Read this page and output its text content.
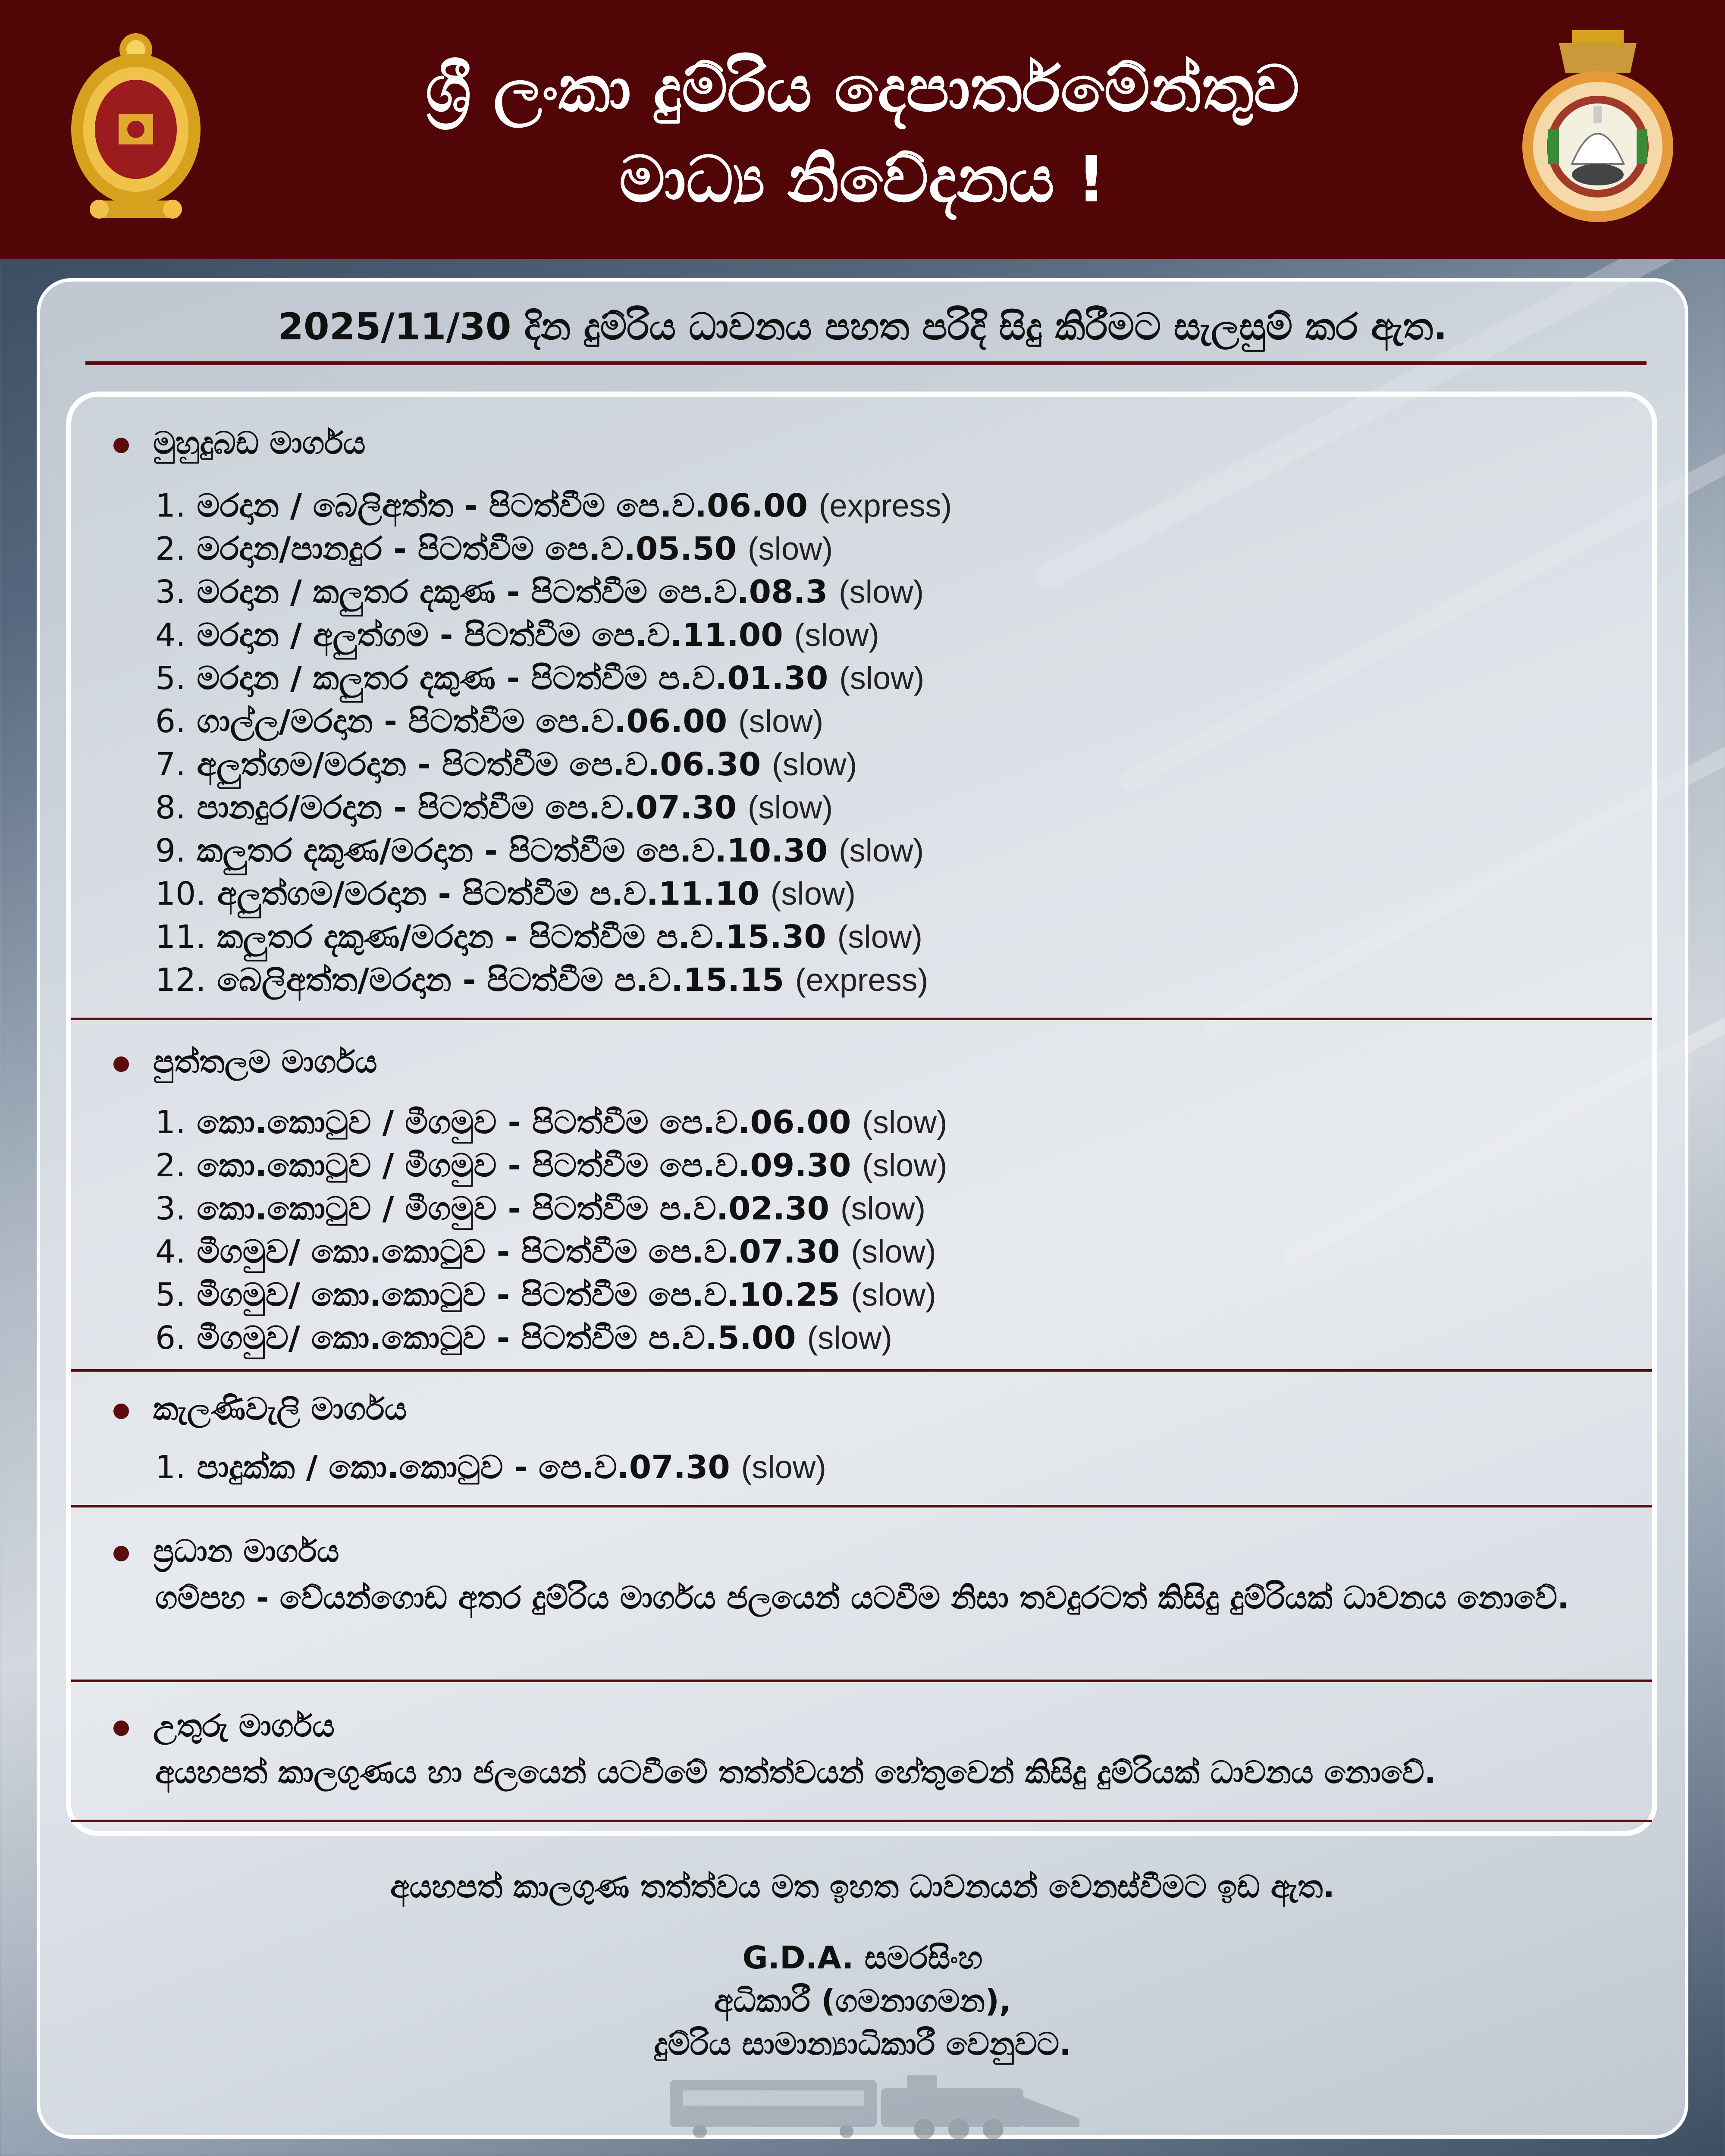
ශ්‍රී ලංකා දුම්රිය දෙපාර්තමේන්තුව
මාධ්‍ය නිවේදනය !
2025/11/30 දින දුම්රිය ධාවනය පහත පරිදි සිදු කිරීමට සැලසුම් කර ඇත.
මුහුදුබඩ මාර්ගය
1. මරදාන / බෙලිඅත්ත - පිටත්වීම පෙ.ව.06.00 (express)
2. මරදාන/පානදුර - පිටත්වීම පෙ.ව.05.50 (slow)
3. මරදාන / කලුතර දකුණ - පිටත්වීම පෙ.ව.08.3 (slow)
4. මරදාන / අලුත්ගම - පිටත්වීම පෙ.ව.11.00 (slow)
5. මරදාන / කලුතර දකුණ - පිටත්වීම ප.ව.01.30 (slow)
6. ගාල්ල/මරදාන - පිටත්වීම පෙ.ව.06.00 (slow)
7. අලුත්ගම/මරදාන - පිටත්වීම පෙ.ව.06.30 (slow)
8. පානදුර/මරදාන - පිටත්වීම පෙ.ව.07.30 (slow)
9. කලුතර දකුණ/මරදාන - පිටත්වීම පෙ.ව.10.30 (slow)
10. අලුත්ගම/මරදාන - පිටත්වීම ප.ව.11.10 (slow)
11. කලුතර දකුණ/මරදාන - පිටත්වීම ප.ව.15.30 (slow)
12. බෙලිඅත්ත/මරදාන - පිටත්වීම ප.ව.15.15 (express)
පුත්තලම මාර්ගය
1. කො.කොටුව / මීගමුව - පිටත්වීම පෙ.ව.06.00 (slow)
2. කො.කොටුව / මීගමුව - පිටත්වීම පෙ.ව.09.30 (slow)
3. කො.කොටුව / මීගමුව - පිටත්වීම ප.ව.02.30 (slow)
4. මීගමුව/ කො.කොටුව - පිටත්වීම පෙ.ව.07.30 (slow)
5. මීගමුව/ කො.කොටුව - පිටත්වීම පෙ.ව.10.25 (slow)
6. මීගමුව/ කො.කොටුව - පිටත්වීම ප.ව.5.00 (slow)
කැලණිවැලි මාර්ගය
1. පාදුක්ක / කො.කොටුව - පෙ.ව.07.30 (slow)
ප්‍රධාන මාර්ගය
ගම්පහ - වේයන්ගොඩ අතර දුම්රිය මාර්ගය ජලයෙන් යටවීම නිසා තවදුරටත් කිසිදු දුම්රියක් ධාවනය නොවේ.
උතුරු මාර්ගය
අයහපත් කාලගුණය හා ජලයෙන් යටවීමේ තත්ත්වයන් හේතුවෙන් කිසිදු දුම්රියක් ධාවනය නොවේ.
අයහපත් කාලගුණ තත්ත්වය මත ඉහත ධාවනයන් වෙනස්වීමට ඉඩ ඇත.
G.D.A. සමරසිංහ
අධිකාරී (ගමනාගමන),
දුම්රිය සාමාන්‍යාධිකාරී වෙනුවට.
